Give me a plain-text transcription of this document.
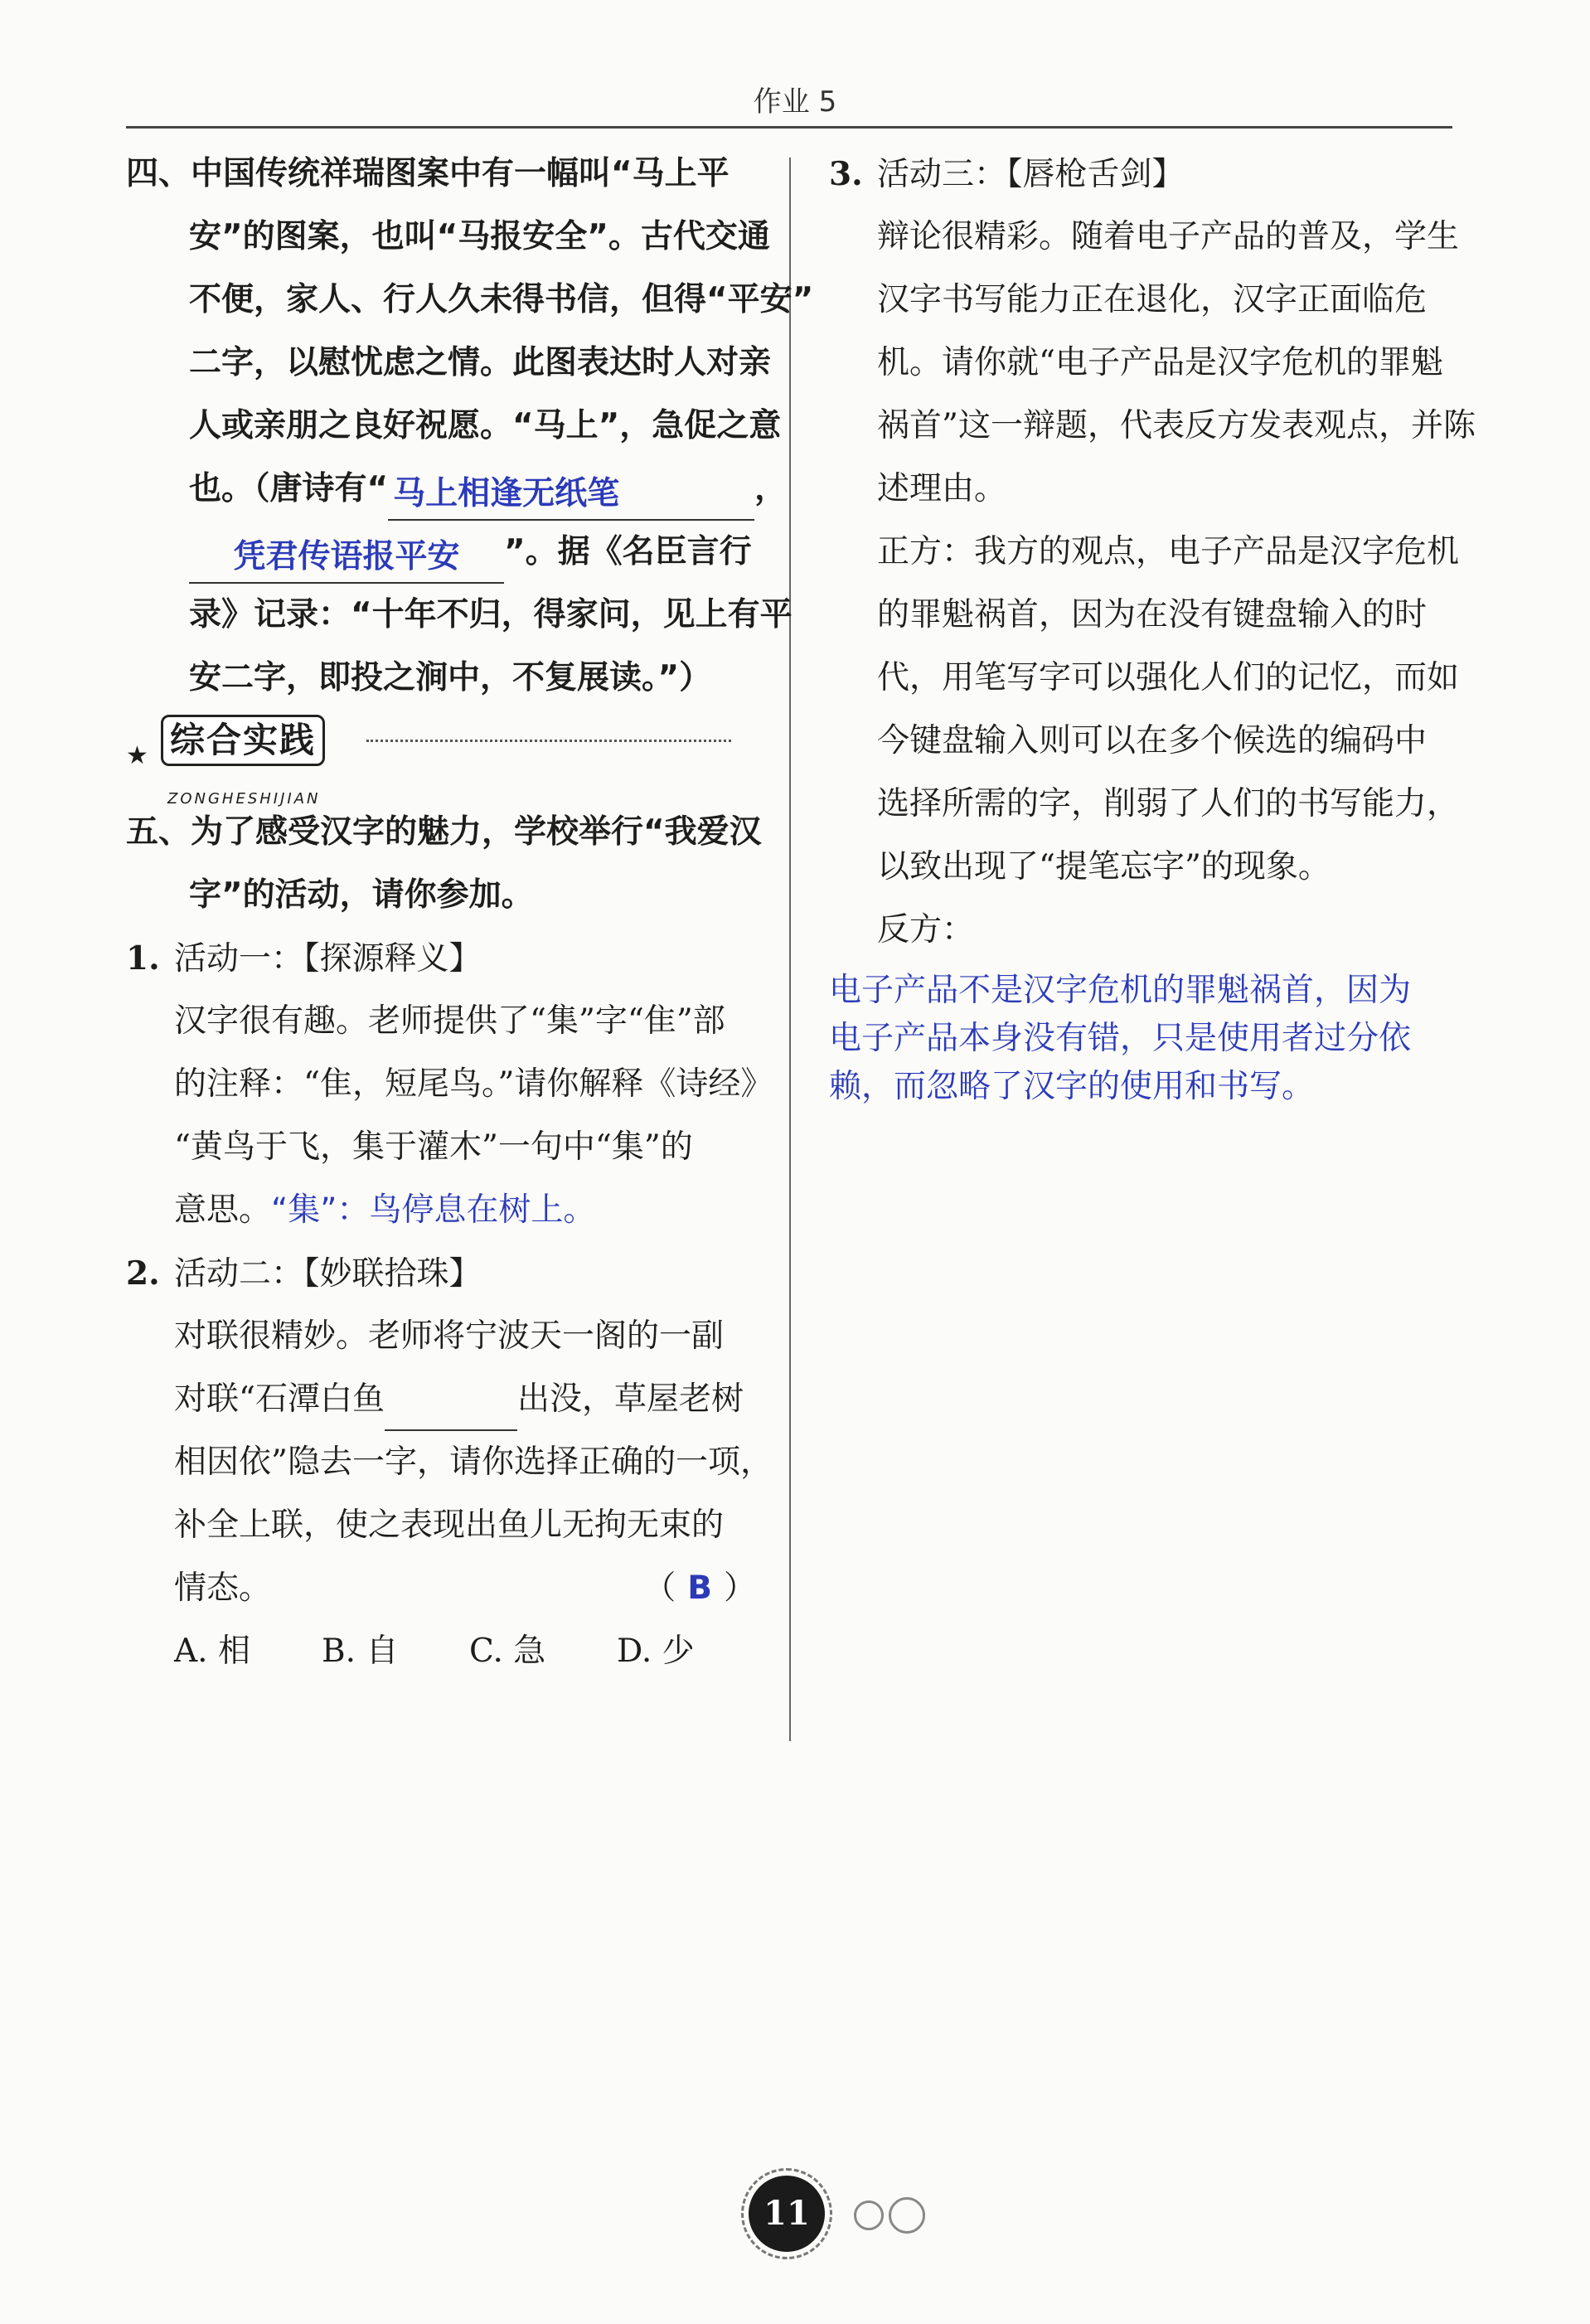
作业 5
四、中国传统祥瑞图案中有一幅叫“马上平
安”的图案，也叫“马报安全”。古代交通
不便，家人、行人久未得书信，但得“平安”
二字，以慰忧虑之情。此图表达时人对亲
人或亲朋之良好祝愿。“马上”，急促之意
也。（唐诗有“ 马上相逢无纸笔	，
凭君传语报平安 ”。据《名臣言行
录》记录：“十年不归，得家问，见上有平
安二字，即投之涧中，不复展读。”）
★ 综合实践
ZONGHESHIJIAN
五、为了感受汉字的魅力，学校举行“我爱汉
字”的活动，请你参加。
1. 活动一：【探源释义】
汉字很有趣。老师提供了“集”字“隹”部
的注释：“隹，短尾鸟。”请你解释《诗经》
“黄鸟于飞，集于灌木”一句中“集”的
意思。“集”：鸟停息在树上。
2. 活动二：【妙联拾珠】
对联很精妙。老师将宁波天一阁的一副
对联“石潭白鱼	出没，草屋老树
相因依”隐去一字，请你选择正确的一项，
补全上联，使之表现出鱼儿无拘无束的
情态。	（ B ）
A. 相 B. 自 C. 急 D. 少
3. 活动三：【唇枪舌剑】
辩论很精彩。随着电子产品的普及，学生
汉字书写能力正在退化，汉字正面临危
机。请你就“电子产品是汉字危机的罪魁
祸首”这一辩题，代表反方发表观点，并陈
述理由。
正方：我方的观点，电子产品是汉字危机
的罪魁祸首，因为在没有键盘输入的时
代，用笔写字可以强化人们的记忆，而如
今键盘输入则可以在多个候选的编码中
选择所需的字，削弱了人们的书写能力，
以致出现了“提笔忘字”的现象。
反方：
电子产品不是汉字危机的罪魁祸首，因为
电子产品本身没有错，只是使用者过分依
赖，而忽略了汉字的使用和书写。
11
